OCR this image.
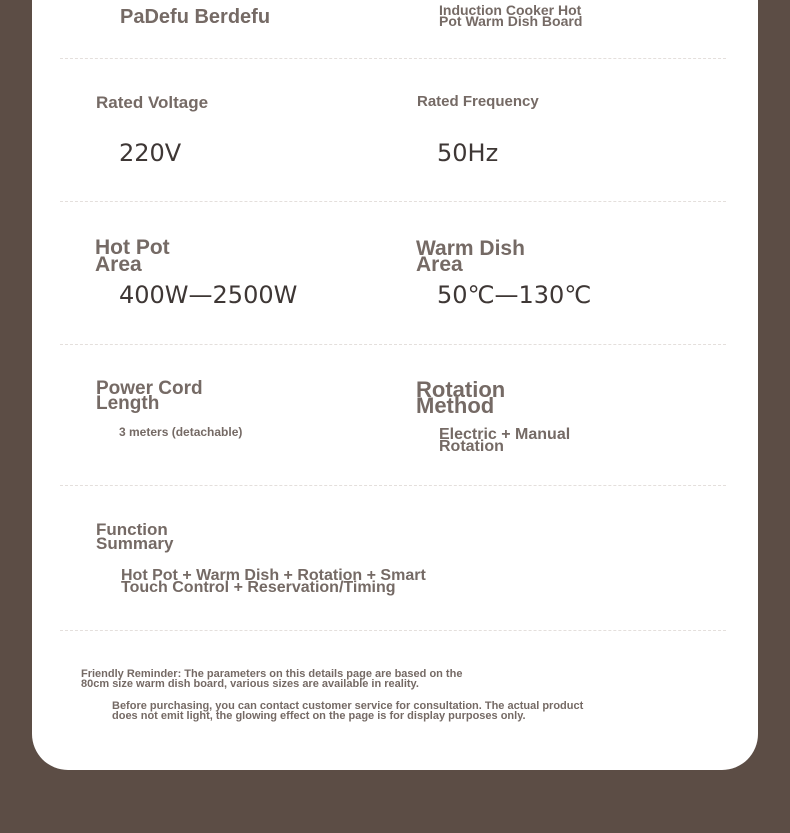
PaDefu Berdefu	Induction Cooker Hot
Pot Warm Dish Board
Rated Voltage
220V
Rated Frequency
50Hz
Hot Pot
Area
400W—2500W
Warm Dish
Area
50℃—130℃
Power Cord
Length
3 meters (detachable)
Rotation
Method
Electric + Manual
Rotation
Function
Summary
Hot Pot + Warm Dish + Rotation + Smart
Touch Control + Reservation/Timing
Friendly Reminder: The parameters on this details page are based on the
80cm size warm dish board, various sizes are available in reality.
Before purchasing, you can contact customer service for consultation. The actual product
does not emit light, the glowing effect on the page is for display purposes only.
